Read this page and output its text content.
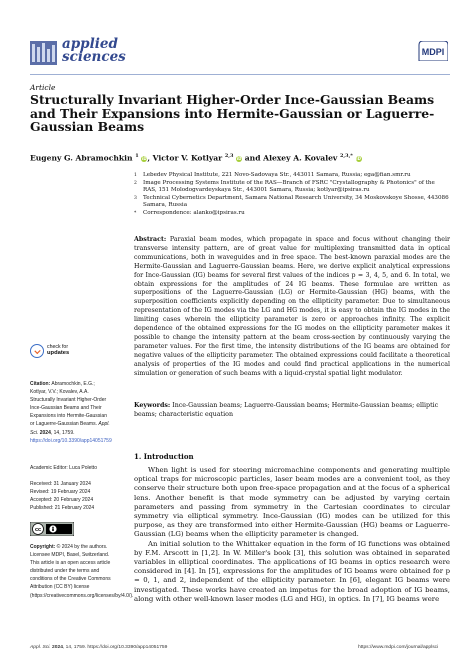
applied
sciences	MDPI
Article
Structurally Invariant Higher-Order Ince-Gaussian Beams and Their Expansions into Hermite-Gaussian or Laguerre-Gaussian Beams
Eugeny G. Abramochkin $^1$ iD, Victor V. Kotlyar $^{2,3}$ iD and Alexey A. Kovalev $^{2,3,*}$ iD
1	Lebedev Physical Institute, 221 Novo-Sadovaya Str., 443011 Samara, Russia; ega@fian.smr.ru
2	Image Processing Systems Institute of the RAS—Branch of FSRC "Crystallography & Photonics" of the RAS, 151 Molodogvardeyskaya Str., 443001 Samara, Russia; kotlyar@ipsiras.ru
3	Technical Cybernetics Department, Samara National Research University, 34 Moskovskoye Shosse, 443086 Samara, Russia
*	Correspondence: alanko@ipsiras.ru
Abstract: Paraxial beam modes, which propagate in space and focus without changing their transverse intensity pattern, are of great value for multiplexing transmitted data in optical communications, both in waveguides and in free space. The best-known paraxial modes are the Hermite-Gaussian and Laguerre-Gaussian beams. Here, we derive explicit analytical expressions for Ince-Gaussian (IG) beams for several first values of the indices p = 3, 4, 5, and 6. In total, we obtain expressions for the amplitudes of 24 IG beams. These formulae are written as superpositions of the Laguerre-Gaussian (LG) or Hermite-Gaussian (HG) beams, with the superposition coefficients explicitly depending on the ellipticity parameter. Due to simultaneous representation of the IG modes via the LG and HG modes, it is easy to obtain the IG modes in the limiting cases wherein the ellipticity parameter is zero or approaches infinity. The explicit dependence of the obtained expressions for the IG modes on the ellipticity parameter makes it possible to change the intensity pattern at the beam cross-section by continuously varying the parameter values. For the first time, the intensity distributions of the IG beams are obtained for negative values of the ellipticity parameter. The obtained expressions could facilitate a theoretical analysis of properties of the IG modes and could find practical applications in the numerical simulation or generation of such beams with a liquid-crystal spatial light modulator.
Keywords: Ince-Gaussian beams; Laguerre-Gaussian beams; Hermite-Gaussian beams; elliptic beams; characteristic equation
check for
updates
Citation: Abramochkin, E.G.; Kotlyar, V.V.; Kovalev, A.A. Structurally Invariant Higher-Order Ince-Gaussian Beams and Their Expansions into Hermite-Gaussian or Laguerre-Gaussian Beams. Appl. Sci. 2024, 14, 1759. https://doi.org/10.3390/app14051759
Academic Editor: Luca Poletto
Received: 31 January 2024
Revised: 19 February 2024
Accepted: 20 February 2024
Published: 21 February 2024
cc
Copyright: © 2024 by the authors. Licensee MDPI, Basel, Switzerland. This article is an open access article distributed under the terms and conditions of the Creative Commons Attribution (CC BY) license (https://creativecommons.org/licenses/by/4.0/).
1. Introduction

When light is used for steering micromachine components and generating multiple optical traps for microscopic particles, laser beam modes are a convenient tool, as they conserve their structure both upon free-space propagation and at the focus of a spherical lens. Another benefit is that mode symmetry can be adjusted by varying certain parameters and passing from symmetry in the Cartesian coordinates to circular symmetry via elliptical symmetry. Ince-Gaussian (IG) modes can be utilized for this purpose, as they are transformed into either Hermite-Gaussian (HG) beams or Laguerre-Gaussian (LG) beams when the ellipticity parameter is changed.

An initial solution to the Whittaker equation in the form of IG functions was obtained by F.M. Arscott in [1,2]. In W. Miller's book [3], this solution was obtained in separated variables in elliptical coordinates. The applications of IG beams in optics research were considered in [4]. In [5], expressions for the amplitudes of IG beams were obtained for p = 0, 1, and 2, independent of the ellipticity parameter. In [6], elegant IG beams were investigated. These works have created an impetus for the broad adoption of IG beams, along with other well-known laser modes (LG and HG), in optics. In [7], IG beams were

Appl. Sci. 2024, 14, 1759. https://doi.org/10.3390/app14051759	https://www.mdpi.com/journal/applsci
